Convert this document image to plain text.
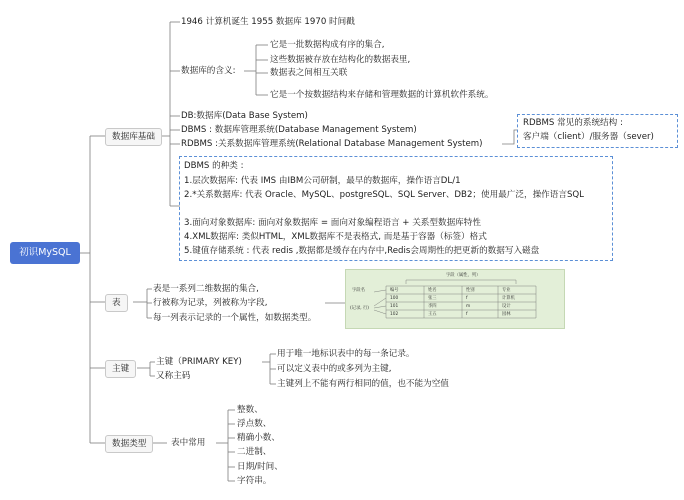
初识MySQL
数据库基础
表
主键
数据类型
1946 计算机诞生 1955 数据库 1970 时间戳
数据库的含义:
它是一批数据构成有序的集合,
这些数据被存放在结构化的数据表里,
数据表之间相互关联
它是一个按数据结构来存储和管理数据的计算机软件系统。
DB:数据库(Data Base System)
DBMS : 数据库管理系统(Database Management System)
RDBMS :关系数据库管理系统(Relational Database Management System)
RDBMS 常见的系统结构 :
客户端（client）/服务器（sever)
DBMS 的种类 :
1.层次数据库: 代表 IMS 由IBM公司研制，最早的数据库，操作语言DL/1
2.*关系数据库: 代表 Oracle、MySQL、postgreSQL、SQL Server、DB2；使用最广泛，操作语言SQL
3.面向对象数据库: 面向对象数据库 = 面向对象编程语言 + 关系型数据库特性
4.XML数据库: 类似HTML，XML数据库不是表格式, 而是基于容器（标签）格式
5.键值存储系统 : 代表 redis ,数据都是缓存在内存中,Redis会周期性的把更新的数据写入磁盘
表是一系列二维数据的集合,
行被称为记录，列被称为字段,
每一列表示记录的一个属性，如数据类型。
字段（属性，列）
字段名
(记录, 行)
编号	姓名	性别	专业
100	张三	f	计算机
101	李四	m	设计
102	王五	f	园林
主键（PRIMARY KEY)
又称主码
用于唯一地标识表中的每一条记录。
可以定义表中的或多列为主键,
主键列上不能有两行相同的值，也不能为空值
表中常用
整数、
浮点数、
精确小数、
二进制、
日期/时间、
字符串。
